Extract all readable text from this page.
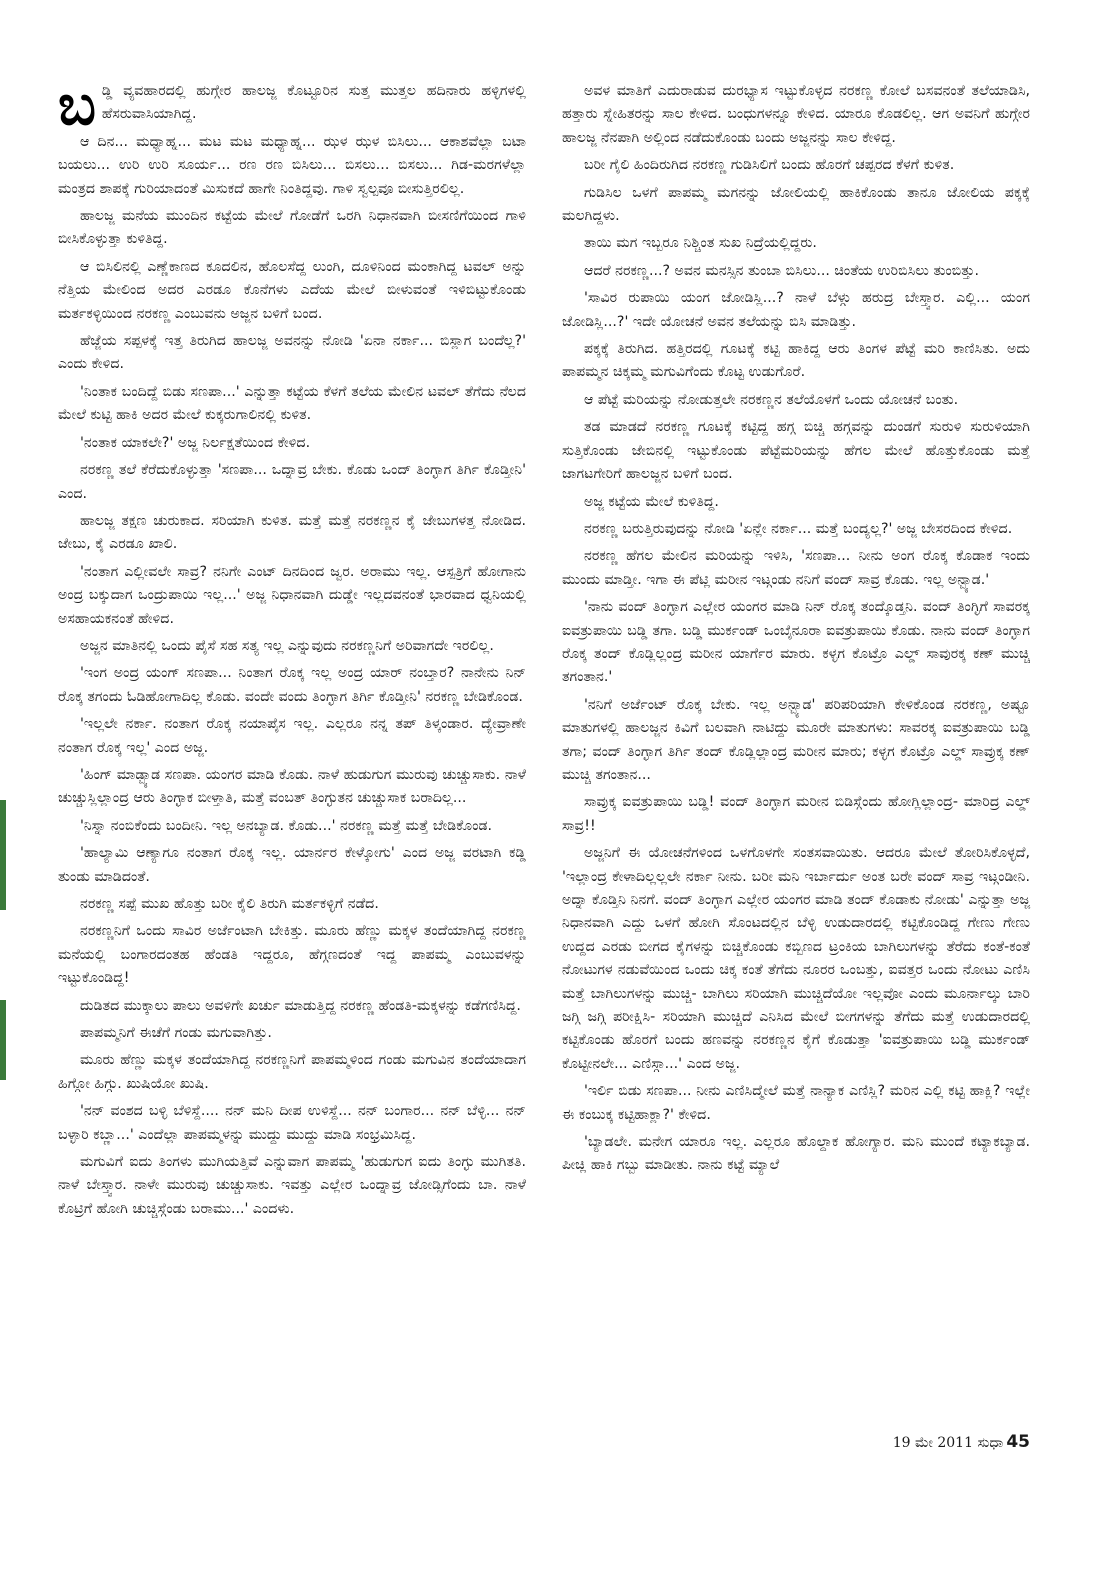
ಬಡ್ಡಿ ವ್ಯವಹಾರದಲ್ಲಿ ಹುಗ್ಗೇರ ಹಾಲಜ್ಜ ಕೊಟ್ಟೂರಿನ ಸುತ್ತ ಮುತ್ತಲ ಹದಿನಾರು ಹಳ್ಳಿಗಳಲ್ಲಿ ಹೆಸರುವಾಸಿಯಾಗಿದ್ದ.

ಆ ದಿನ... ಮಧ್ಯಾಹ್ನ... ಮಟ ಮಟ ಮಧ್ಯಾಹ್ನ... ಝಳ ಝಳ ಬಿಸಿಲು... ಆಕಾಶವೆಲ್ಲಾ ಬಟಾ ಬಯಲು... ಉರಿ ಉರಿ ಸೂರ್ಯ... ರಣ ರಣ ಬಿಸಿಲು... ಬಿಸಲು... ಬಿಸಲು... ಗಿಡ-ಮರಗಳೆಲ್ಲಾ ಮಂತ್ರದ ಶಾಪಕ್ಕೆ ಗುರಿಯಾದಂತೆ ಮಿಸುಕದೆ ಹಾಗೇ ನಿಂತಿದ್ದವು. ಗಾಳಿ ಸ್ವಲ್ಪವೂ ಬೀಸುತ್ತಿರಲಿಲ್ಲ.

ಹಾಲಜ್ಜ ಮನೆಯ ಮುಂದಿನ ಕಟ್ಟೆಯ ಮೇಲೆ ಗೋಡೆಗೆ ಒರಗಿ ನಿಧಾನವಾಗಿ ಬೀಸಣಿಗೆಯಿಂದ ಗಾಳಿ ಬೀಸಿಕೊಳ್ಳುತ್ತಾ ಕುಳಿತಿದ್ದ.

ಆ ಬಿಸಿಲಿನಲ್ಲಿ ಎಣ್ಣೆಕಾಣದ ಕೂದಲಿನ, ಹೊಲಸೆದ್ದ ಲುಂಗಿ, ದೂಳಿನಿಂದ ಮಂಕಾಗಿದ್ದ ಟವಲ್ ಅನ್ನು ನೆತ್ತಿಯ ಮೇಲಿಂದ ಅದರ ಎರಡೂ ಕೊನೆಗಳು ಎದೆಯ ಮೇಲೆ ಬೀಳುವಂತೆ ಇಳಿಬಿಟ್ಟುಕೊಂಡು ಮರ್ತಕಳ್ಳಿಯಿಂದ ನರಕಣ್ಣ ಎಂಬುವನು ಅಜ್ಜನ ಬಳಿಗೆ ಬಂದ.

ಹೆಜ್ಜೆಯ ಸಪ್ಪಳಕ್ಕೆ ಇತ್ತ ತಿರುಗಿದ ಹಾಲಜ್ಜ ಅವನನ್ನು ನೋಡಿ 'ಏನಾ ನರ್ಕಾ... ಬಿಸ್ಲಾಗ ಬಂದೆಲ್ಲ?' ಎಂದು ಕೇಳಿದ.

'ನಿಂತಾಕ ಬಂದಿದ್ದೆ ಬಿಡು ಸಣಪಾ...' ಎನ್ನುತ್ತಾ ಕಟ್ಟೆಯ ಕೆಳಗೆ ತಲೆಯ ಮೇಲಿನ ಟವಲ್ ತೆಗೆದು ನೆಲದ ಮೇಲೆ ಕುಟ್ಟಿ ಹಾಕಿ ಅದರ ಮೇಲೆ ಕುಕ್ಕರುಗಾಲಿನಲ್ಲಿ ಕುಳಿತ.

'ನಂತಾಕ ಯಾಕಲೇ?' ಅಜ್ಜ ನಿರ್ಲಕ್ಷತೆಯಿಂದ ಕೇಳಿದ.

ನರಕಣ್ಣ ತಲೆ ಕೆರೆದುಕೊಳ್ಳುತ್ತಾ 'ಸಣಪಾ... ಒದ್ನಾವ್ರ ಬೇಕು. ಕೊಡು ಒಂದ್ ತಿಂಗ್ಳಾಗ ತಿರ್ಗಿ ಕೊಡ್ತೀನಿ' ಎಂದ.

ಹಾಲಜ್ಜ ತಕ್ಷಣ ಚುರುಕಾದ. ಸರಿಯಾಗಿ ಕುಳಿತ. ಮತ್ತೆ ಮತ್ತೆ ನರಕಣ್ಣನ ಕೈ ಜೇಬುಗಳತ್ತ ನೋಡಿದ. ಜೇಬು, ಕೈ ಎರಡೂ ಖಾಲಿ.

'ನಂತಾಗ ಎಲ್ಲೀವಲೇ ಸಾವ್ರ? ನನಿಗೇ ಎಂಟ್ ದಿನದಿಂದ ಜ್ವರ. ಅರಾಮು ಇಲ್ಲ. ಆಸ್ಪತ್ರಿಗೆ ಹೋಗಾನು ಅಂದ್ರ ಬಕ್ಕುದಾಗ ಒಂದ್ರುಪಾಯಿ ಇಲ್ಲ...' ಅಜ್ಜ ನಿಧಾನವಾಗಿ ದುಡ್ಡೇ ಇಲ್ಲದವನಂತೆ ಭಾರವಾದ ಧ್ವನಿಯಲ್ಲಿ ಅಸಹಾಯಕನಂತೆ ಹೇಳಿದ.

ಅಜ್ಜನ ಮಾತಿನಲ್ಲಿ ಒಂದು ಪೈಸೆ ಸಹ ಸತ್ಯ ಇಲ್ಲ ಎನ್ನುವುದು ನರಕಣ್ಣನಿಗೆ ಅರಿವಾಗದೇ ಇರಲಿಲ್ಲ.

'ಇಂಗ ಅಂದ್ರ ಯಂಗ್ ಸಣಪಾ... ನಿಂತಾಗ ರೊಕ್ಕ ಇಲ್ಲ ಅಂದ್ರ ಯಾರ್ ನಂಬ್ತಾರ? ನಾನೇನು ನಿನ್ ರೊಕ್ಕ ತಗಂದು ಓಡಿಹೋಗಾದಿಲ್ಲ ಕೊಡು. ವಂದೇ ವಂದು ತಿಂಗ್ಳಾಗ ತಿರ್ಗಿ ಕೊಡ್ತೀನಿ' ನರಕಣ್ಣ ಬೇಡಿಕೊಂಡ.

'ಇಲ್ಲಲೇ ನರ್ಕಾ. ನಂತಾಗ ರೊಕ್ಕ ನಯಾಪೈಸ ಇಲ್ಲ. ಎಲ್ಲರೂ ನನ್ನ ತಪ್ ತಿಳ್ಕಂಡಾರ. ದ್ಯೇವ್ರಾಣೇ ನಂತಾಗ ರೊಕ್ಕ ಇಲ್ಲ' ಎಂದ ಅಜ್ಜ.

'ಹಿಂಗ್ ಮಾಡ್ಬ್ಯಾಡ ಸಣಪಾ. ಯಂಗರ ಮಾಡಿ ಕೊಡು. ನಾಳೆ ಹುಡುಗುಗ ಮುರುವು ಚುಚ್ಚುಸಾಕು. ನಾಳೆ ಚುಚ್ಚುಸ್ಲಿಲ್ಲಾಂದ್ರ ಆರು ತಿಂಗ್ಳಾಕ ಬೀಳ್ತಾತಿ, ಮತ್ತೆ ವಂಬತ್ ತಿಂಗ್ಳುತನ ಚುಚ್ಚುಸಾಕ ಬರಾದಿಲ್ಲ...

'ನಿಸ್ನಾ ನಂಬಿಕೆಂದು ಬಂದೀನಿ. ಇಲ್ಲ ಅನಬ್ಯಾಡ. ಕೊಡು...' ನರಕಣ್ಣ ಮತ್ತೆ ಮತ್ತೆ ಬೇಡಿಕೊಂಡ.

'ಹಾಲ್ಯಾಮಿ ಆಣ್ಯಾಗೂ ನಂತಾಗ ರೊಕ್ಕ ಇಲ್ಲ. ಯಾರ್ನರ ಕೇಳ್ಕೋಗು' ಎಂದ ಅಜ್ಜ ವರಟಾಗಿ ಕಡ್ಡಿ ತುಂಡು ಮಾಡಿದಂತೆ.

ನರಕಣ್ಣ ಸಪ್ಪೆ ಮುಖ ಹೊತ್ತು ಬರೀ ಕೈಲಿ ತಿರುಗಿ ಮರ್ತಕಳ್ಳಿಗೆ ನಡೆದ.

ನರಕಣ್ಣನಿಗೆ ಒಂದು ಸಾವಿರ ಅರ್ಜೆಂಟಾಗಿ ಬೇಕಿತ್ತು. ಮೂರು ಹೆಣ್ಣು ಮಕ್ಕಳ ತಂದೆಯಾಗಿದ್ದ ನರಕಣ್ಣ ಮನೆಯಲ್ಲಿ ಬಂಗಾರದಂತಹ ಹೆಂಡತಿ ಇದ್ದರೂ, ಹೆಗ್ಗಣದಂತೆ ಇದ್ದ ಪಾಪಮ್ಮ ಎಂಬುವಳನ್ನು ಇಟ್ಟುಕೊಂಡಿದ್ದ!

ದುಡಿತದ ಮುಕ್ಕಾಲು ಪಾಲು ಅವಳಿಗೇ ಖರ್ಚು ಮಾಡುತ್ತಿದ್ದ ನರಕಣ್ಣ ಹೆಂಡತಿ-ಮಕ್ಕಳನ್ನು ಕಡೆಗಣಿಸಿದ್ದ.

ಪಾಪಮ್ಮನಿಗೆ ಈಚೆಗೆ ಗಂಡು ಮಗುವಾಗಿತ್ತು.

ಮೂರು ಹೆಣ್ಣು ಮಕ್ಕಳ ತಂದೆಯಾಗಿದ್ದ ನರಕಣ್ಣನಿಗೆ ಪಾಪಮ್ಮಳಿಂದ ಗಂಡು ಮಗುವಿನ ತಂದೆಯಾದಾಗ ಹಿಗ್ಗೋ ಹಿಗ್ಗು. ಖುಷಿಯೋ ಖುಷಿ.

'ನನ್ ವಂಶದ ಬಳ್ಳಿ ಬೆಳಿಸ್ದೆ.... ನನ್ ಮನಿ ದೀಪ ಉಳಿಸ್ದೆ... ನನ್ ಬಂಗಾರ... ನನ್ ಬೆಳ್ಳಿ... ನನ್ ಬಳ್ಳಾರಿ ಕಬ್ಣಾ...' ಎಂದೆಲ್ಲಾ ಪಾಪಮ್ಮಳನ್ನು ಮುದ್ದು ಮುದ್ದು ಮಾಡಿ ಸಂಭ್ರಮಿಸಿದ್ದ.

ಮಗುವಿಗೆ ಐದು ತಿಂಗಳು ಮುಗಿಯತ್ತಿವೆ ಎನ್ನುವಾಗ ಪಾಪಮ್ಮ 'ಹುಡುಗುಗ ಐದು ತಿಂಗ್ಳು ಮುಗಿತತಿ. ನಾಳೆ ಬೇಸ್ತ್ವಾರ. ನಾಳೇ ಮುರುವು ಚುಚ್ಚುಸಾಕು. ಇವತ್ತು ಎಲ್ಲೇರ ಒಂದ್ನಾವ್ರ ಜೋಡ್ಸಿಗೆಂದು ಬಾ. ನಾಳೆ ಕೊಟ್ರಿಗೆ ಹೋಗಿ ಚುಚ್ಚಿಸ್ಗೆಂಡು ಬರಾಮು...' ಎಂದಳು.

ಅವಳ ಮಾತಿಗೆ ಎದುರಾಡುವ ದುರಭ್ಯಾಸ ಇಟ್ಟುಕೊಳ್ಳದ ನರಕಣ್ಣ ಕೋಲೆ ಬಸವನಂತೆ ತಲೆಯಾಡಿಸಿ, ಹತ್ತಾರು ಸ್ನೇಹಿತರನ್ನು ಸಾಲ ಕೇಳಿದ. ಬಂಧುಗಳನ್ನೂ ಕೇಳಿದ. ಯಾರೂ ಕೊಡಲಿಲ್ಲ. ಆಗ ಅವನಿಗೆ ಹುಗ್ಗೇರ ಹಾಲಜ್ಜ ನೆನಪಾಗಿ ಅಲ್ಲಿಂದ ನಡೆದುಕೊಂಡು ಬಂದು ಅಜ್ಜನನ್ನು ಸಾಲ ಕೇಳಿದ್ದ.

ಬರೀ ಗೈಲಿ ಹಿಂದಿರುಗಿದ ನರಕಣ್ಣ ಗುಡಿಸಿಲಿಗೆ ಬಂದು ಹೊರಗೆ ಚಪ್ಪರದ ಕೆಳಗೆ ಕುಳಿತ.

ಗುಡಿಸಿಲ ಒಳಗೆ ಪಾಪಮ್ಮ ಮಗನನ್ನು ಜೋಲಿಯಲ್ಲಿ ಹಾಕಿಕೊಂಡು ತಾನೂ ಜೋಲಿಯ ಪಕ್ಕಕ್ಕೆ ಮಲಗಿದ್ದಳು.

ತಾಯಿ ಮಗ ಇಬ್ಬರೂ ನಿಶ್ಚಿಂತ ಸುಖ ನಿದ್ರೆಯಲ್ಲಿದ್ದರು.

ಆದರೆ ನರಕಣ್ಣ...? ಅವನ ಮನಸ್ಸಿನ ತುಂಬಾ ಬಿಸಿಲು... ಚಿಂತೆಯ ಉರಿಬಿಸಿಲು ತುಂಬಿತ್ತು.

'ಸಾವಿರ ರುಪಾಯಿ ಯಂಗ ಜೋಡಿಸ್ಲಿ...? ನಾಳೆ ಬೆಳ್ಗು ಹರುದ್ರ ಬೇಸ್ತ್ವಾರ. ಎಲ್ಲಿ... ಯಂಗ ಜೋಡಿಸ್ಲಿ...?' ಇದೇ ಯೋಚನೆ ಅವನ ತಲೆಯನ್ನು ಬಿಸಿ ಮಾಡಿತ್ತು.

ಪಕ್ಕಕ್ಕೆ ತಿರುಗಿದ. ಹತ್ತಿರದಲ್ಲಿ ಗೂಟಕ್ಕೆ ಕಟ್ಟಿ ಹಾಕಿದ್ದ ಆರು ತಿಂಗಳ ಪೆಟ್ಟೆ ಮರಿ ಕಾಣಿಸಿತು. ಅದು ಪಾಪಮ್ಮನ ಚಿಕ್ಕಮ್ಮ ಮಗುವಿಗೆಂದು ಕೊಟ್ಟ ಉಡುಗೊರೆ.

ಆ ಪೆಟ್ಟೆ ಮರಿಯನ್ನು ನೋಡುತ್ತಲೇ ನರಕಣ್ಣನ ತಲೆಯೊಳಗೆ ಒಂದು ಯೋಚನೆ ಬಂತು.

ತಡ ಮಾಡದೆ ನರಕಣ್ಣ ಗೂಟಕ್ಕೆ ಕಟ್ಟಿದ್ದ ಹಗ್ಗ ಬಿಚ್ಚಿ ಹಗ್ಗವನ್ನು ದುಂಡಗೆ ಸುರುಳಿ ಸುರುಳಿಯಾಗಿ ಸುತ್ತಿಕೊಂಡು ಜೇಬಿನಲ್ಲಿ ಇಟ್ಟುಕೊಂಡು ಪೆಟ್ಟೆಮರಿಯನ್ನು ಹೆಗಲ ಮೇಲೆ ಹೊತ್ತುಕೊಂಡು ಮತ್ತೆ ಜಾಗಟಗೇರಿಗೆ ಹಾಲಜ್ಜನ ಬಳಿಗೆ ಬಂದ.

ಅಜ್ಜ ಕಟ್ಟೆಯ ಮೇಲೆ ಕುಳಿತಿದ್ದ.

ನರಕಣ್ಣ ಬರುತ್ತಿರುವುದನ್ನು ನೋಡಿ 'ಏನ್ಲೇ ನರ್ಕಾ... ಮತ್ತೆ ಬಂದ್ಯಲ್ಲ?' ಅಜ್ಜ ಬೇಸರದಿಂದ ಕೇಳಿದ.

ನರಕಣ್ಣ ಹೆಗಲ ಮೇಲಿನ ಮರಿಯನ್ನು ಇಳಿಸಿ, 'ಸಣಪಾ... ನೀನು ಅಂಗ ರೊಕ್ಕ ಕೊಡಾಕ ಇಂದು ಮುಂದು ಮಾಡ್ತೀ. ಇಗಾ ಈ ಪೆಟ್ಲಿ ಮರೀನ ಇಟ್ಗಂಡು ನನಿಗೆ ವಂದ್ ಸಾವ್ರ ಕೊಡು. ಇಲ್ಲ ಅನ್ಬ್ಯಾಡ.'

'ನಾನು ವಂದ್ ತಿಂಗ್ಳಾಗ ಎಲ್ಲೇರ ಯಂಗರ ಮಾಡಿ ನಿನ್ ರೊಕ್ಕ ತಂದ್ಕೊಡ್ತನಿ. ವಂದ್ ತಿಂಗ್ಳಿಗೆ ಸಾವರಕ್ಕ ಐವತ್ರುಪಾಯಿ ಬಡ್ಡಿ ತಗಾ. ಬಡ್ಡಿ ಮುರ್ಕಂಡ್ ಒಂಬೈನೂರಾ ಐವತ್ರುಪಾಯಿ ಕೊಡು. ನಾನು ವಂದ್ ತಿಂಗ್ಳಾಗ ರೊಕ್ಕ ತಂದ್ ಕೊಡ್ಲಿಲ್ಲಂದ್ರ ಮರೀನ ಯಾರ್ಗೆರ ಮಾರು. ಕಳ್ಳಗ ಕೊಟ್ರೊ ಎಲ್ಡ್ ಸಾವುರಕ್ಕ ಕಣ್ ಮುಚ್ಚಿ ತಗಂತಾನ.'

'ನನಿಗೆ ಅರ್ಜೆಂಟ್ ರೊಕ್ಕ ಬೇಕು. ಇಲ್ಲ ಅನ್ಬ್ಯಾಡ' ಪರಿಪರಿಯಾಗಿ ಕೇಳಿಕೊಂಡ ನರಕಣ್ಣ, ಅಷ್ಟೂ ಮಾತುಗಳಲ್ಲಿ ಹಾಲಜ್ಜನ ಕಿವಿಗೆ ಬಲವಾಗಿ ನಾಟಿದ್ದು ಮೂರೇ ಮಾತುಗಳು: ಸಾವರಕ್ಕ ಐವತ್ರುಪಾಯಿ ಬಡ್ಡಿ ತಗಾ; ವಂದ್ ತಿಂಗ್ಳಾಗ ತಿರ್ಗಿ ತಂದ್ ಕೊಡ್ಲಿಲ್ಲಾಂದ್ರ ಮರೀನ ಮಾರು; ಕಳ್ಳಗ ಕೊಟ್ರೊ ಎಲ್ಡ್ ಸಾವ್ರುಕ್ಕ ಕಣ್ ಮುಚ್ಚಿ ತಗಂತಾನ...

ಸಾವ್ರುಕ್ಕ ಐವತ್ರುಪಾಯಿ ಬಡ್ಡಿ! ವಂದ್ ತಿಂಗ್ಳಾಗ ಮರೀನ ಬಿಡಿಸ್ಗೆಂದು ಹೋಗ್ಲಿಲ್ಲಾಂದ್ರ- ಮಾರಿದ್ರ ಎಲ್ಡ್ ಸಾವ್ರ!!

ಅಜ್ಜನಿಗೆ ಈ ಯೋಚನೆಗಳಿಂದ ಒಳಗೊಳಗೇ ಸಂತಸವಾಯಿತು. ಆದರೂ ಮೇಲೆ ತೋರಿಸಿಕೊಳ್ಳದೆ, 'ಇಲ್ಲಾಂದ್ರ ಕೇಳಾದಿಲ್ಲಲ್ಲಲೇ ನರ್ಕಾ ನೀನು. ಬರೀ ಮನಿ ಇರ್ಬಾರ್ದು ಅಂತ ಬರೇ ವಂದ್ ಸಾವ್ರ ಇಟ್ಗಂಡೀನಿ. ಅದ್ನಾ ಕೊಡ್ತಿನಿ ನಿನಗೆ. ವಂದ್ ತಿಂಗ್ಳಾಗ ಎಲ್ಲೇರ ಯಂಗರ ಮಾಡಿ ತಂದ್ ಕೊಡಾಕು ನೋಡು' ಎನ್ನುತ್ತಾ ಅಜ್ಜ ನಿಧಾನವಾಗಿ ಎದ್ದು ಒಳಗೆ ಹೋಗಿ ಸೊಂಟದಲ್ಲಿನ ಬೆಳ್ಳಿ ಉಡುದಾರದಲ್ಲಿ ಕಟ್ಟಿಕೊಂಡಿದ್ದ ಗೇಣು ಗೇಣು ಉದ್ದದ ಎರಡು ಬೀಗದ ಕೈಗಳನ್ನು ಬಿಚ್ಚಿಕೊಂಡು ಕಬ್ಬಿಣದ ಟ್ರಂಕಿಯ ಬಾಗಿಲುಗಳನ್ನು ತೆರೆದು ಕಂತೆ-ಕಂತೆ ನೋಟುಗಳ ನಡುವೆಯಿಂದ ಒಂದು ಚಿಕ್ಕ ಕಂತೆ ತೆಗೆದು ನೂರರ ಒಂಬತ್ತು, ಐವತ್ತರ ಒಂದು ನೋಟು ಎಣಿಸಿ ಮತ್ತೆ ಬಾಗಿಲುಗಳನ್ನು ಮುಚ್ಚಿ- ಬಾಗಿಲು ಸರಿಯಾಗಿ ಮುಚ್ಚಿದೆಯೋ ಇಲ್ಲವೋ ಎಂದು ಮೂರ್ನಾಲ್ಕು ಬಾರಿ ಜಗ್ಗಿ ಜಗ್ಗಿ ಪರೀಕ್ಷಿಸಿ- ಸರಿಯಾಗಿ ಮುಚ್ಚಿದೆ ಎನಿಸಿದ ಮೇಲೆ ಬೀಗಗಳನ್ನು ತೆಗೆದು ಮತ್ತೆ ಉಡುದಾರದಲ್ಲಿ ಕಟ್ಟಿಕೊಂಡು ಹೊರಗೆ ಬಂದು ಹಣವನ್ನು ನರಕಣ್ಣನ ಕೈಗೆ ಕೊಡುತ್ತಾ 'ಐವತ್ರುಪಾಯಿ ಬಡ್ಡಿ ಮುರ್ಕಂಡ್ ಕೊಟ್ಟೀನಲೇ... ಎಣಿಸ್ಗಾ...' ಎಂದ ಅಜ್ಜ.

'ಇರ್ಲಿ ಬಿಡು ಸಣಪಾ... ನೀನು ಎಣಿಸಿದ್ಮೇಲೆ ಮತ್ತೆ ನಾನ್ಯಾಕ ಎಣಿಸ್ಲಿ? ಮರಿನ ಎಲ್ಲಿ ಕಟ್ಟಿ ಹಾಕ್ಲಿ? ಇಲ್ಲೇ ಈ ಕಂಬುಕ್ಕ ಕಟ್ಟಿಹಾಕ್ಲಾ?' ಕೇಳಿದ.

'ಬ್ಯಾಡಲೇ. ಮನೇಗ ಯಾರೂ ಇಲ್ಲ. ಎಲ್ಲರೂ ಹೊಲ್ದಾಕ ಹೋಗ್ಯಾರ. ಮನಿ ಮುಂದೆ ಕಟ್ಯಾಕಬ್ಯಾಡ. ಪೀಚ್ಲಿ ಹಾಕಿ ಗಬ್ಬು ಮಾಡೀತು. ನಾನು ಕಟ್ಟೆ ಮ್ಯಾಲೆ

19 ಮೇ 2011 ಸುಧಾ 45
